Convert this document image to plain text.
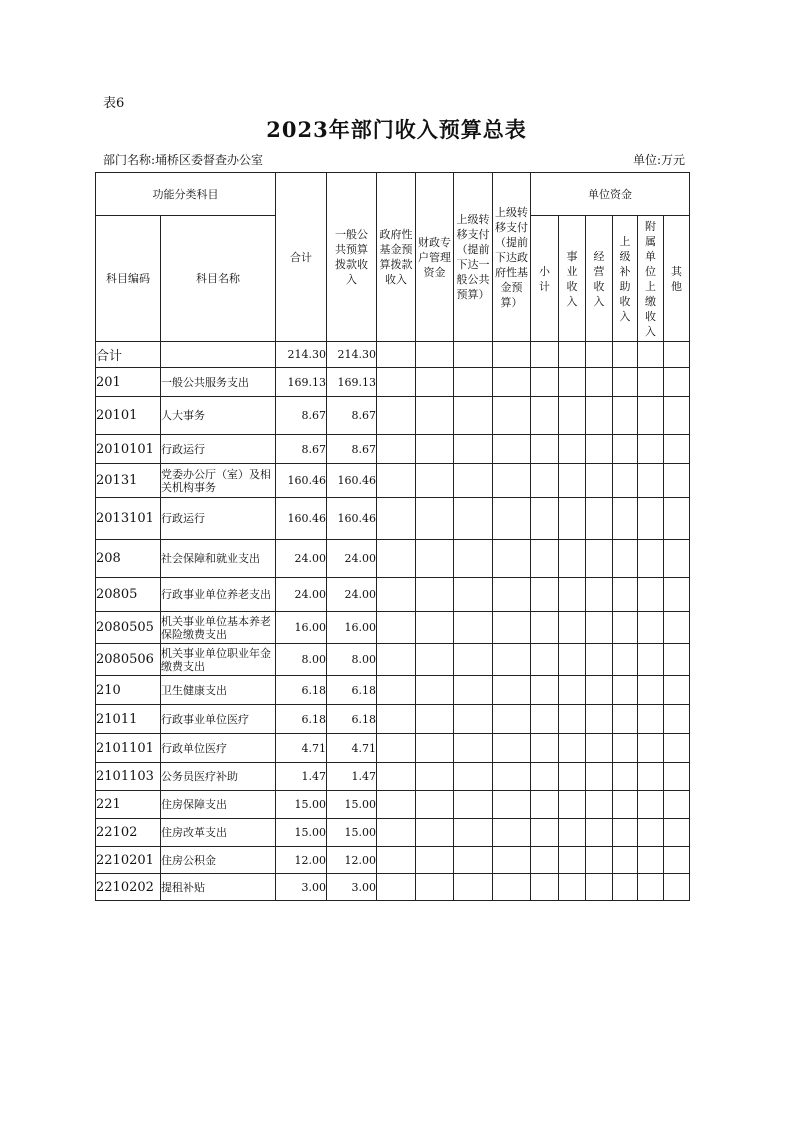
表6
2023年部门收入预算总表
部门名称:埇桥区委督查办公室	单位:万元
功能分类科目		合计	一般公共预算拨款收入	政府性基金预算拨款收入	财政专户管理资金	上级转移支付（提前下达一般公共预算）	上级转移支付（提前下达政府性基金预算）	单位资金					
科目编码	科目名称							小计	事业收入	经营收入	上级补助收入	附属单位上缴收入	其他
合计		214.30	214.30										
201	一般公共服务支出	169.13	169.13										
20101	人大事务	8.67	8.67										
2010101	行政运行	8.67	8.67										
20131	党委办公厅（室）及相关机构事务	160.46	160.46										
2013101	行政运行	160.46	160.46										
208	社会保障和就业支出	24.00	24.00										
20805	行政事业单位养老支出	24.00	24.00										
2080505	机关事业单位基本养老保险缴费支出	16.00	16.00										
2080506	机关事业单位职业年金缴费支出	8.00	8.00										
210	卫生健康支出	6.18	6.18										
21011	行政事业单位医疗	6.18	6.18										
2101101	行政单位医疗	4.71	4.71										
2101103	公务员医疗补助	1.47	1.47										
221	住房保障支出	15.00	15.00										
22102	住房改革支出	15.00	15.00										
2210201	住房公积金	12.00	12.00										
2210202	提租补贴	3.00	3.00										
